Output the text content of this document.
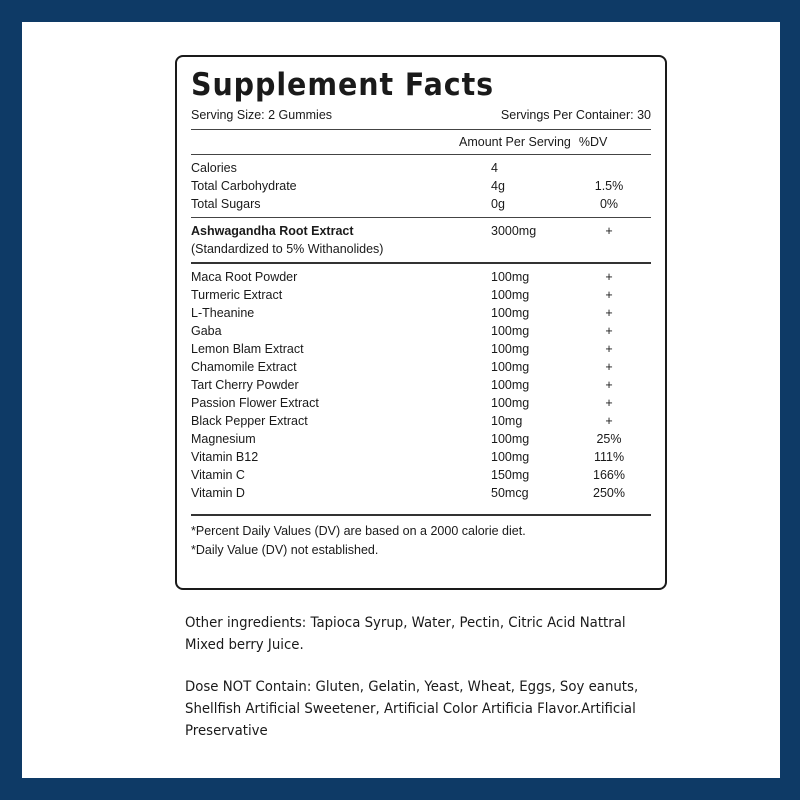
Supplement Facts
Serving Size: 2 Gummies	Servings Per Container: 30
Amount Per Serving %DV
Calories	4
Total Carbohydrate	4g	1.5%
Total Sugars	0g	0%
Ashwagandha Root Extract	3000mg	+
(Standardized to 5% Withanolides)
Maca Root Powder	100mg	+
Turmeric Extract	100mg	+
L-Theanine	100mg	+
Gaba	100mg	+
Lemon Blam Extract	100mg	+
Chamomile Extract	100mg	+
Tart Cherry Powder	100mg	+
Passion Flower Extract	100mg	+
Black Pepper Extract	10mg	+
Magnesium	100mg	25%
Vitamin B12	100mg	111%
Vitamin C	150mg	166%
Vitamin D	50mcg	250%
*Percent Daily Values (DV) are based on a 2000 calorie diet.
*Daily Value (DV) not established.

Other ingredients: Tapioca Syrup, Water, Pectin, Citric Acid Nattral Mixed berry Juice.

Dose NOT Contain: Gluten, Gelatin, Yeast, Wheat, Eggs, Soy eanuts, Shellfish Artificial Sweetener, Artificial Color Artificia Flavor.Artificial Preservative
